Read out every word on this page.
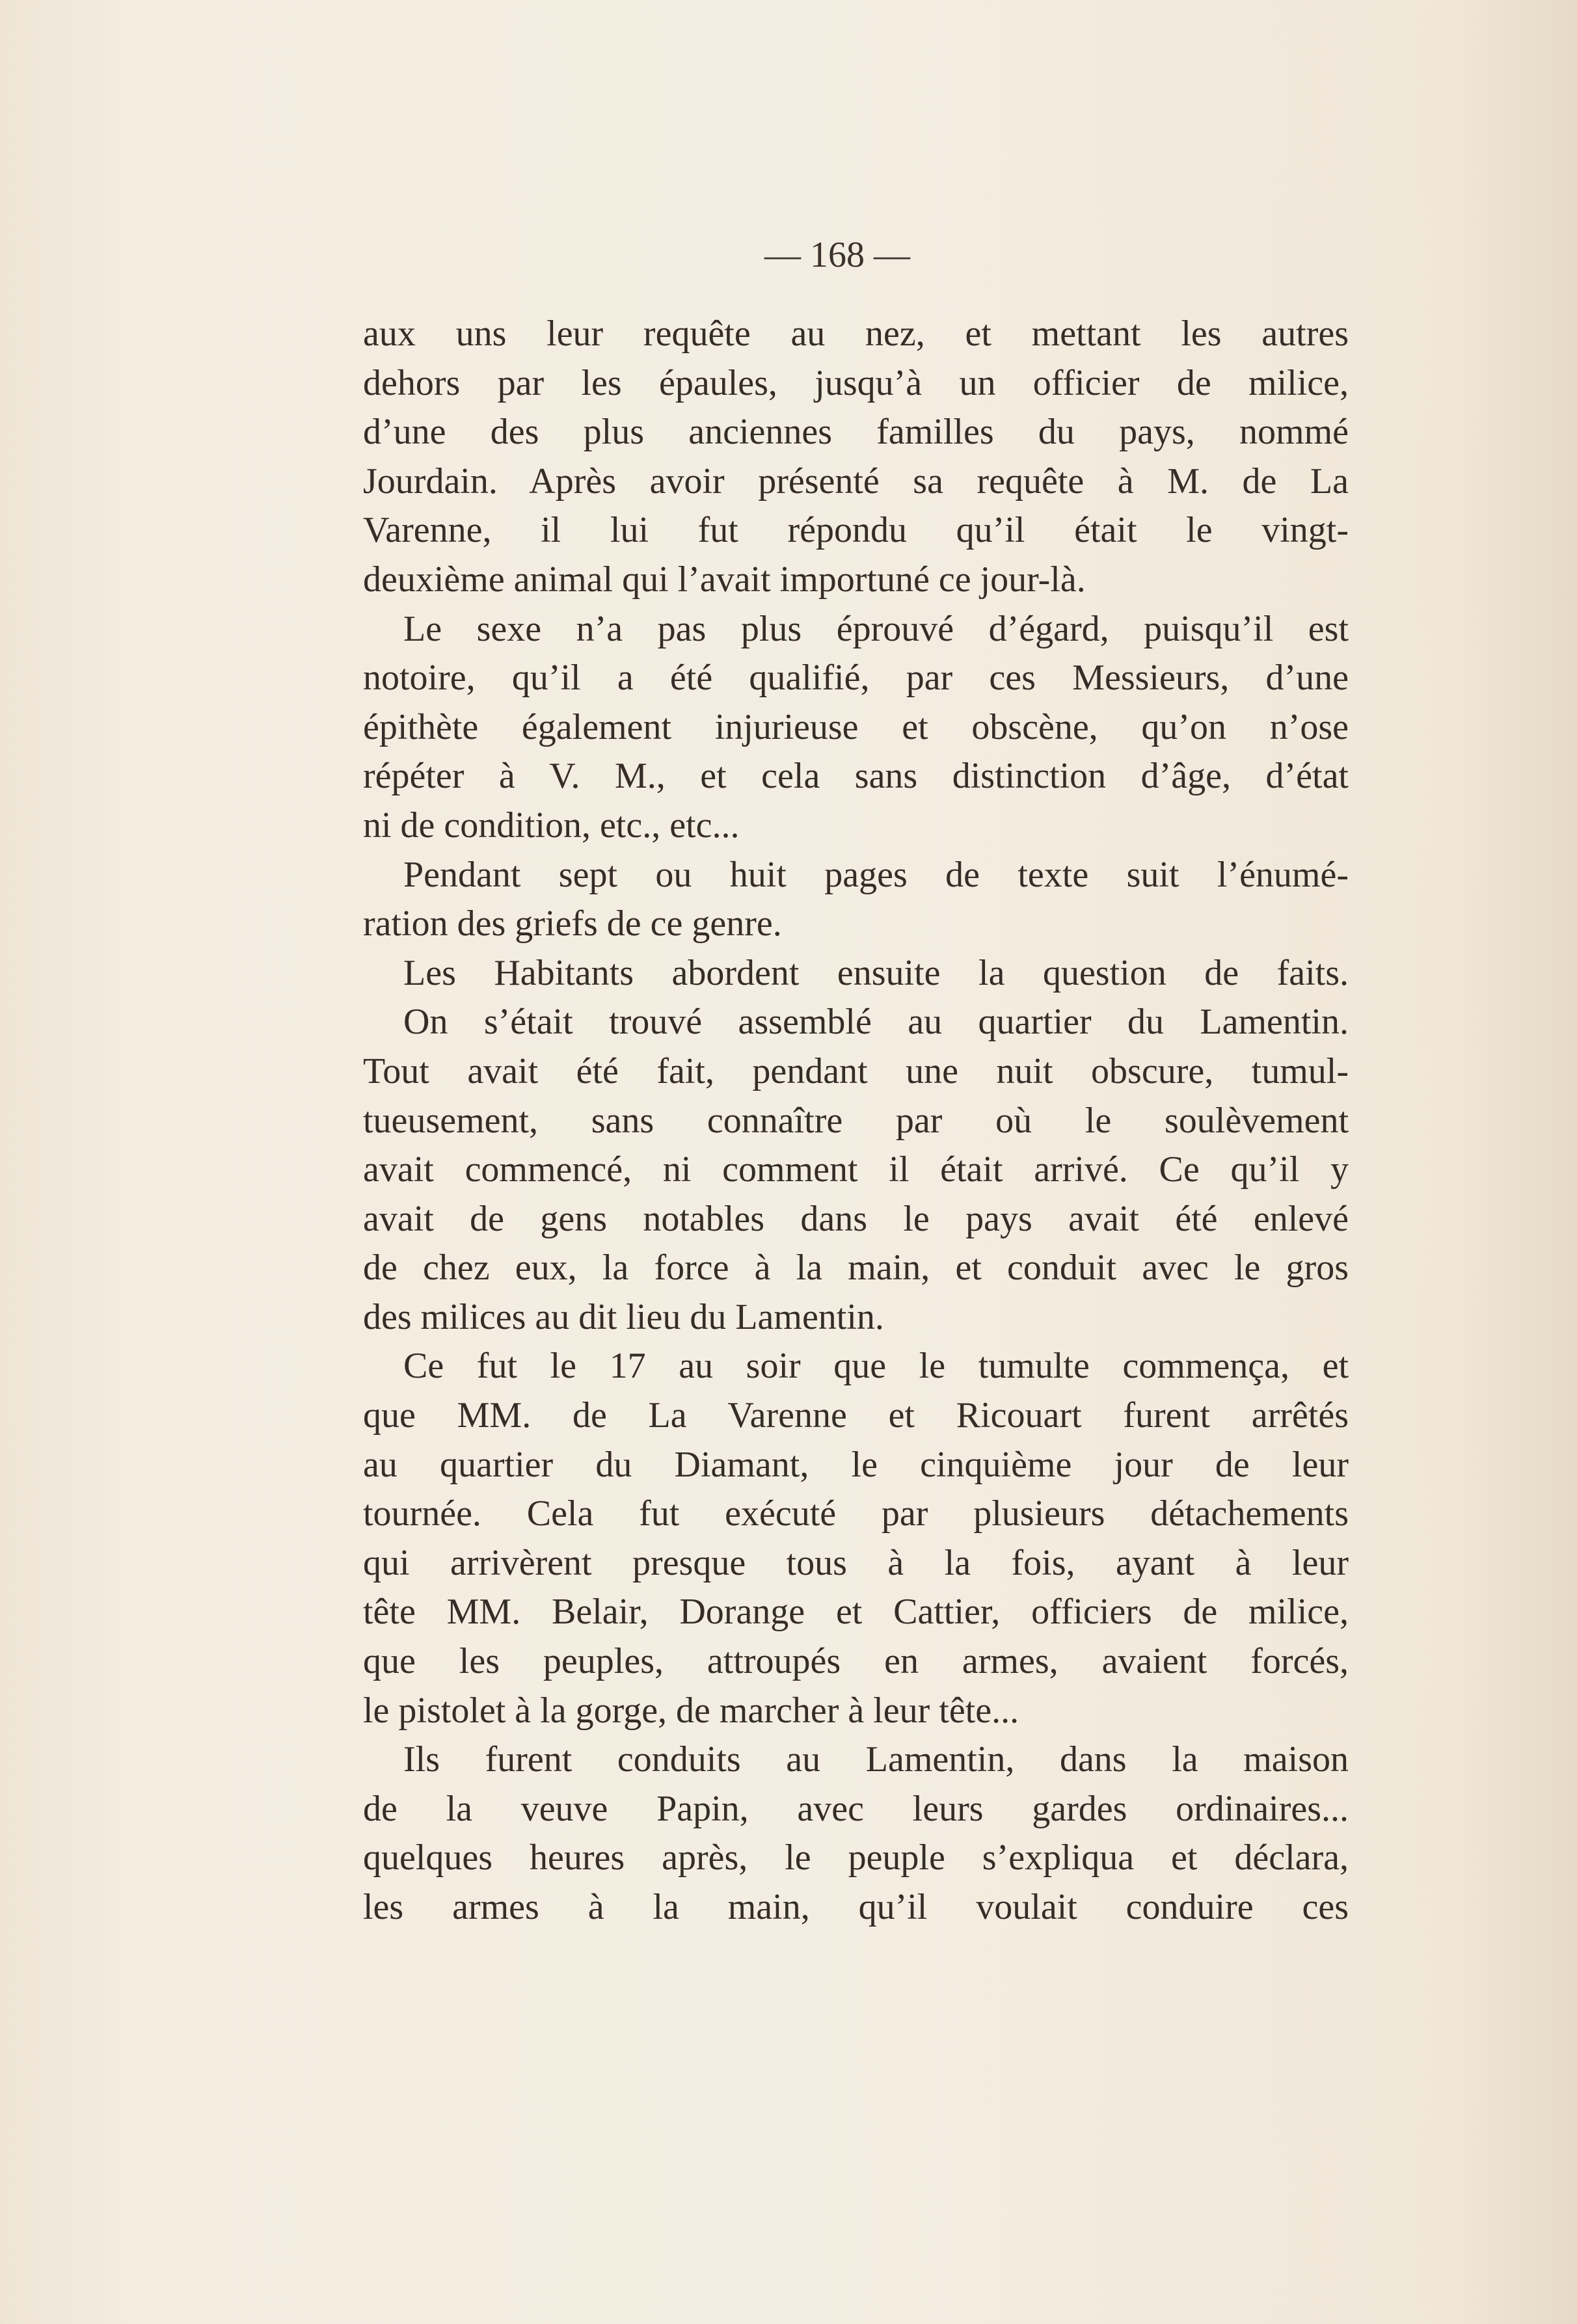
— 168 —
aux uns leur requête au nez, et mettant les autres
dehors par les épaules, jusqu’à un officier de milice,
d’une des plus anciennes familles du pays, nommé
Jourdain. Après avoir présenté sa requête à M. de La
Varenne, il lui fut répondu qu’il était le vingt-
deuxième animal qui l’avait importuné ce jour-là.
Le sexe n’a pas plus éprouvé d’égard, puisqu’il est
notoire, qu’il a été qualifié, par ces Messieurs, d’une
épithète également injurieuse et obscène, qu’on n’ose
répéter à V. M., et cela sans distinction d’âge, d’état
ni de condition, etc., etc...
Pendant sept ou huit pages de texte suit l’énumé-
ration des griefs de ce genre.
Les Habitants abordent ensuite la question de faits.
On s’était trouvé assemblé au quartier du Lamentin.
Tout avait été fait, pendant une nuit obscure, tumul-
tueusement, sans connaître par où le soulèvement
avait commencé, ni comment il était arrivé. Ce qu’il y
avait de gens notables dans le pays avait été enlevé
de chez eux, la force à la main, et conduit avec le gros
des milices au dit lieu du Lamentin.
Ce fut le 17 au soir que le tumulte commença, et
que MM. de La Varenne et Ricouart furent arrêtés
au quartier du Diamant, le cinquième jour de leur
tournée. Cela fut exécuté par plusieurs détachements
qui arrivèrent presque tous à la fois, ayant à leur
tête MM. Belair, Dorange et Cattier, officiers de milice,
que les peuples, attroupés en armes, avaient forcés,
le pistolet à la gorge, de marcher à leur tête...
Ils furent conduits au Lamentin, dans la maison
de la veuve Papin, avec leurs gardes ordinaires...
quelques heures après, le peuple s’expliqua et déclara,
les armes à la main, qu’il voulait conduire ces
